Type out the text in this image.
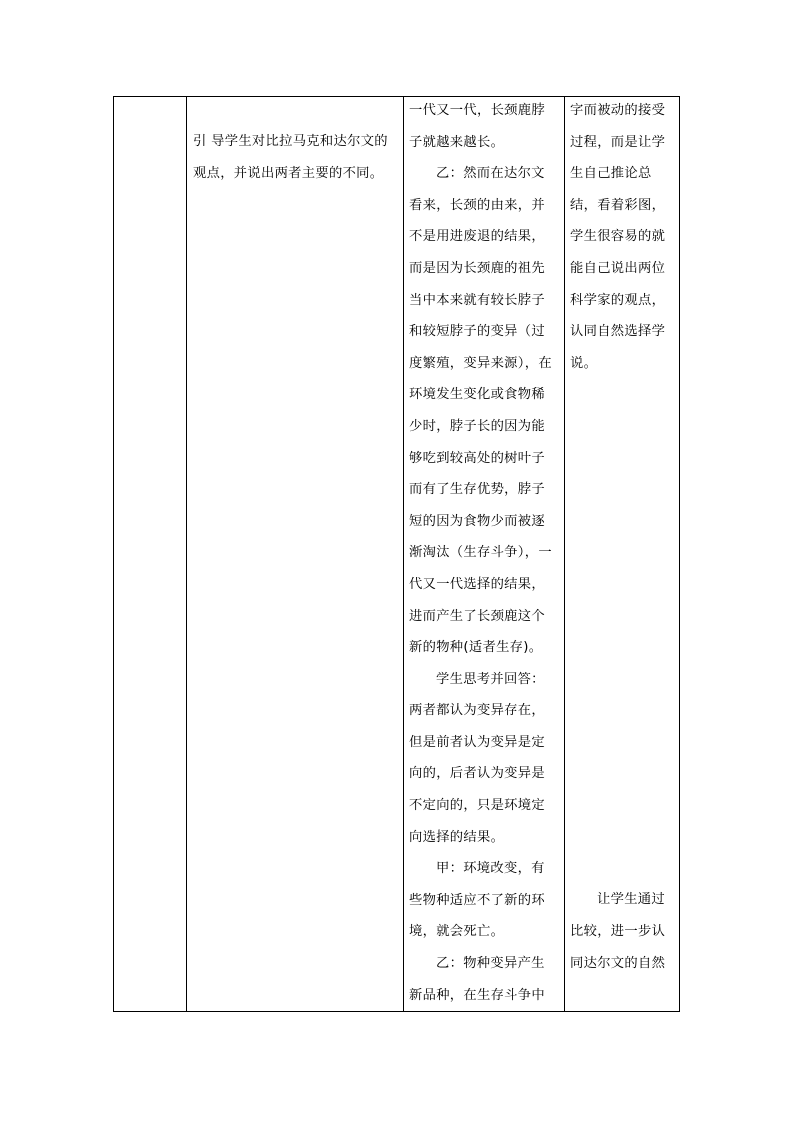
引 导学生对比拉马克和达尔文的
观点，并说出两者主要的不同。

一代又一代，长颈鹿脖
子就越来越长。
乙：然而在达尔文
看来，长颈的由来，并
不是用进废退的结果，
而是因为长颈鹿的祖先
当中本来就有较长脖子
和较短脖子的变异（过
度繁殖，变异来源），在
环境发生变化或食物稀
少时，脖子长的因为能
够吃到较高处的树叶子
而有了生存优势，脖子
短的因为食物少而被逐
渐淘汰（生存斗争），一
代又一代选择的结果，
进而产生了长颈鹿这个
新的物种(适者生存)。
学生思考并回答：
两者都认为变异存在，
但是前者认为变异是定
向的，后者认为变异是
不定向的，只是环境定
向选择的结果。
甲：环境改变，有
些物种适应不了新的环
境，就会死亡。
乙：物种变异产生
新品种，在生存斗争中

字而被动的接受
过程，而是让学
生自己推论总
结，看着彩图，
学生很容易的就
能自己说出两位
科学家的观点，
认同自然选择学
说。
让学生通过
比较，进一步认
同达尔文的自然
